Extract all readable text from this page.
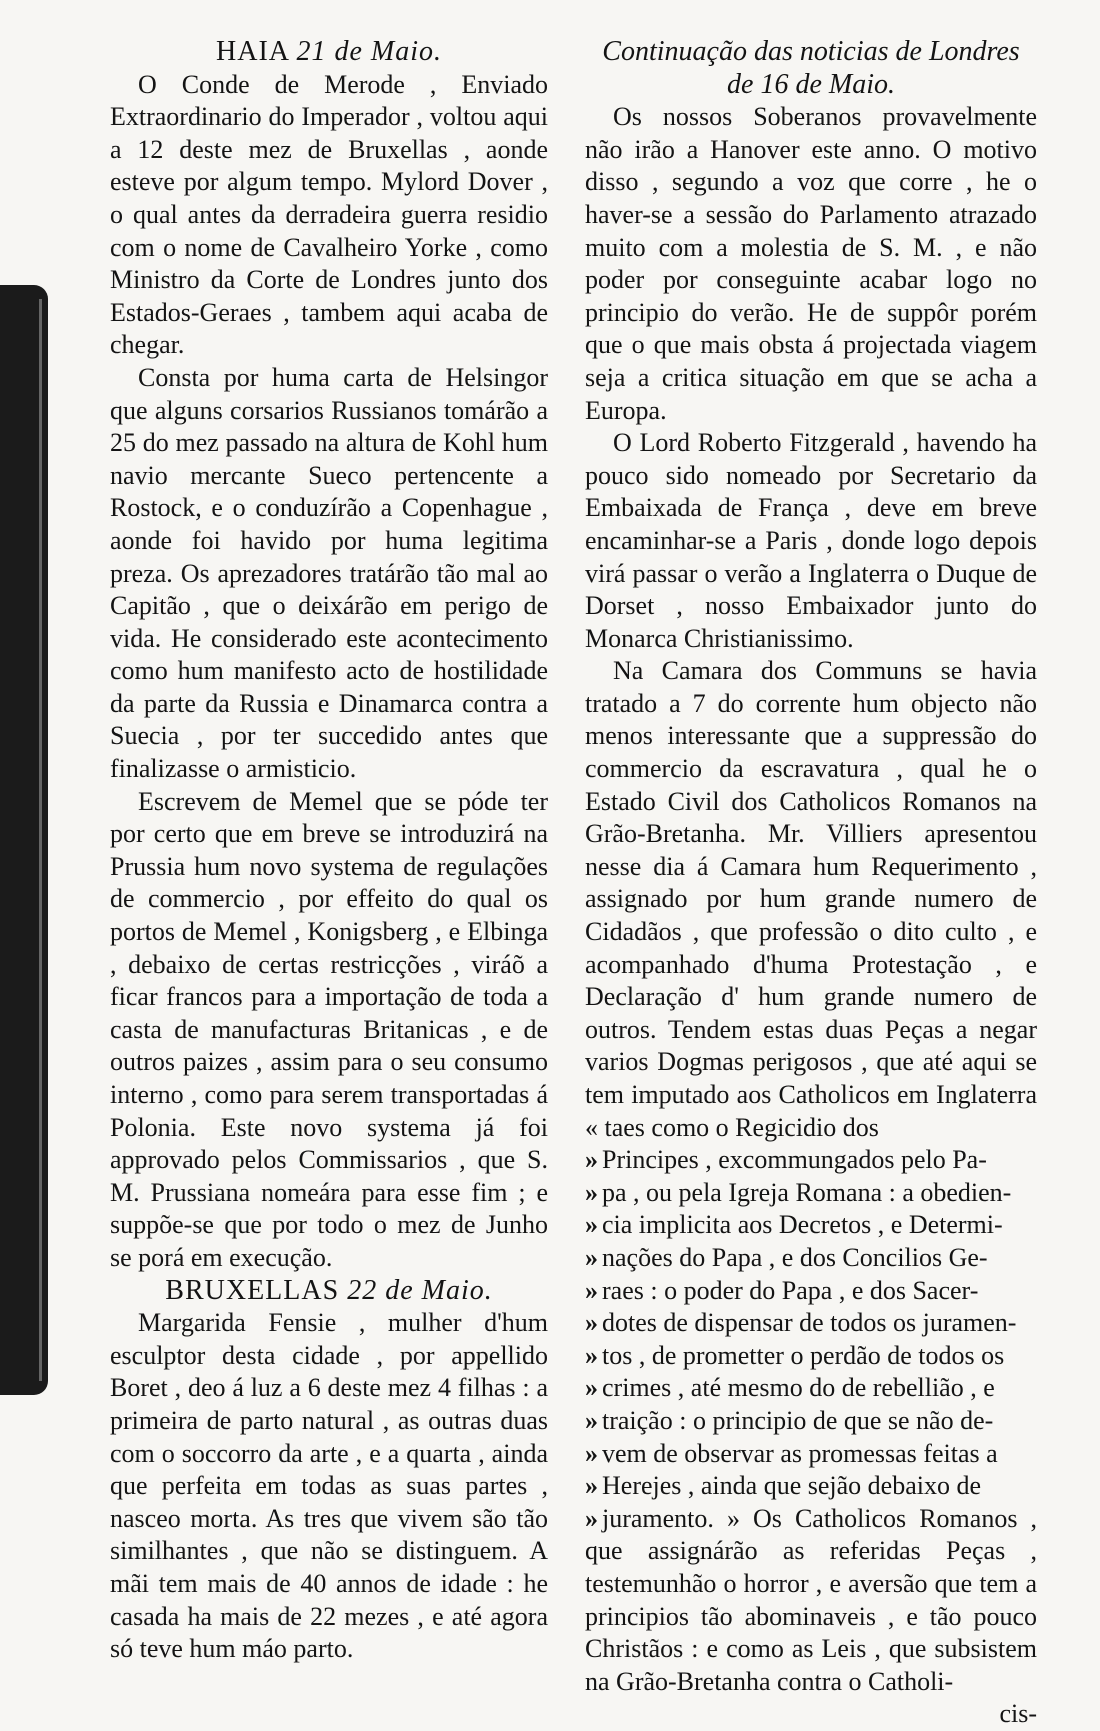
HAIA 21 de Maio.

O Conde de Merode , Enviado Extraordinario do Imperador , voltou aqui a 12 deste mez de Bruxellas , aonde esteve por algum tempo. Mylord Dover , o qual antes da derradeira guerra residio com o nome de Cavalheiro Yorke , como Ministro da Corte de Londres junto dos Estados-Geraes , tambem aqui acaba de chegar.

Consta por huma carta de Helsingor que alguns corsarios Russianos tomárão a 25 do mez passado na altura de Kohl hum navio mercante Sueco pertencente a Rostock, e o conduzírão a Copenhague , aonde foi havido por huma legitima preza. Os aprezadores tratárão tão mal ao Capitão , que o deixárão em perigo de vida. He considerado este acontecimento como hum manifesto acto de hostilidade da parte da Russia e Dinamarca contra a Suecia , por ter succedido antes que finalizasse o armisticio.

Escrevem de Memel que se póde ter por certo que em breve se introduzirá na Prussia hum novo systema de regulações de commercio , por effeito do qual os portos de Memel , Konigsberg , e Elbinga , debaixo de certas restricções , viráõ a ficar francos para a importação de toda a casta de manufacturas Britanicas , e de outros paizes , assim para o seu consumo interno , como para serem transportadas á Polonia. Este novo systema já foi approvado pelos Commissarios , que S. M. Prussiana nomeára para esse fim ; e suppõe-se que por todo o mez de Junho se porá em execução.

BRUXELLAS 22 de Maio.

Margarida Fensie , mulher d'hum esculptor desta cidade , por appellido Boret , deo á luz a 6 deste mez 4 filhas : a primeira de parto natural , as outras duas com o soccorro da arte , e a quarta , ainda que perfeita em todas as suas partes , nasceo morta. As tres que vivem são tão similhantes , que não se distinguem. A mãi tem mais de 40 annos de idade : he casada ha mais de 22 mezes , e até agora só teve hum máo parto.

Continuação das noticias de Londres

de 16 de Maio.

Os nossos Soberanos provavelmente não irão a Hanover este anno. O motivo disso , segundo a voz que corre , he o haver-se a sessão do Parlamento atrazado muito com a molestia de S. M. , e não poder por conseguinte acabar logo no principio do verão. He de suppôr porém que o que mais obsta á projectada viagem seja a critica situação em que se acha a Europa.

O Lord Roberto Fitzgerald , havendo ha pouco sido nomeado por Secretario da Embaixada de França , deve em breve encaminhar-se a Paris , donde logo depois virá passar o verão a Inglaterra o Duque de Dorset , nosso Embaixador junto do Monarca Christianissimo.

Na Camara dos Communs se havia tratado a 7 do corrente hum objecto não menos interessante que a suppressão do commercio da escravatura , qual he o Estado Civil dos Catholicos Romanos na Grão-Bretanha. Mr. Villiers apresentou nesse dia á Camara hum Requerimento , assignado por hum grande numero de Cidadãos , que professão o dito culto , e acompanhado d'huma Protestação , e Declaração d' hum grande numero de outros. Tendem estas duas Peças a negar varios Dogmas perigosos , que até aqui se tem imputado aos Catholicos em Inglaterra « taes como o Regicidio dos

» Principes , excommungados pelo Pa-

» pa , ou pela Igreja Romana : a obedien-

» cia implicita aos Decretos , e Determi-

» nações do Papa , e dos Concilios Ge-

» raes : o poder do Papa , e dos Sacer-

» dotes de dispensar de todos os juramen-

» tos , de prometter o perdão de todos os

» crimes , até mesmo do de rebellião , e

» traição : o principio de que se não de-

» vem de observar as promessas feitas a

» Herejes , ainda que sejão debaixo de

» juramento. » Os Catholicos Romanos , que assignárão as referidas Peças , testemunhão o horror , e aversão que tem a principios tão abominaveis , e tão pouco Christãos : e como as Leis , que subsistem na Grão-Bretanha contra o Catholi-

cis-
